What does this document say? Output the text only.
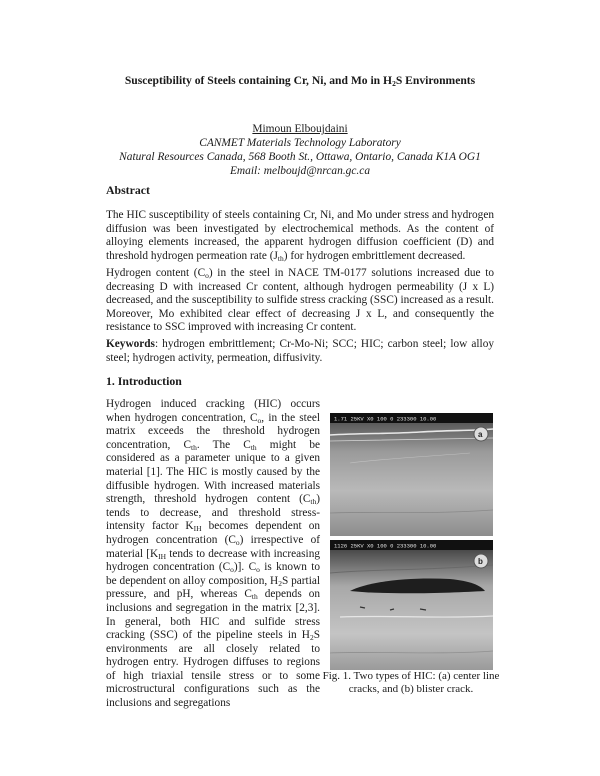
Susceptibility of Steels containing Cr, Ni, and Mo in $H_2S$ Environments
Mimoun Elboujdaini
CANMET Materials Technology Laboratory
Natural Resources Canada, 568 Booth St., Ottawa, Ontario, Canada K1A OG1
Email: melboujd@nrcan.gc.ca
Abstract

The HIC susceptibility of steels containing Cr, Ni, and Mo under stress and hydrogen diffusion was been investigated by electrochemical methods. As the content of alloying elements increased, the apparent hydrogen diffusion coefficient (D) and threshold hydrogen permeation rate $(J_{th})$ for hydrogen embrittlement decreased.

Hydrogen content $(C_o)$ in the steel in NACE TM-0177 solutions increased due to decreasing D with increased Cr content, although hydrogen permeability (J x L) decreased, and the susceptibility to sulfide stress cracking (SSC) increased as a result. Moreover, Mo exhibited clear effect of decreasing J x L, and consequently the resistance to SSC improved with increasing Cr content.

Keywords: hydrogen embrittlement; Cr-Mo-Ni; SCC; HIC; carbon steel; low alloy steel; hydrogen activity, permeation, diffusivity.

1. Introduction

Hydrogen induced cracking (HIC) occurs when hydrogen concentration, $C_o$, in the steel matrix exceeds the threshold hydrogen concentration, $C_{th}$. The $C_{th}$ might be considered as a parameter unique to a given material [1]. The HIC is mostly caused by the diffusible hydrogen. With increased materials strength, threshold hydrogen content $(C_{th})$ tends to decrease, and threshold stress-intensity factor $K_{IH}$ becomes dependent on hydrogen concentration $(C_o)$ irrespective of material [$K_{IH}$ tends to decrease with increasing hydrogen concentration $(C_o)$]. $C_o$ is known to be dependent on alloy composition, $H_2S$ partial pressure, and pH, whereas $C_{th}$ depends on inclusions and segregation in the matrix [2,3]. In general, both HIC and sulfide stress cracking (SSC) of the pipeline steels in $H_2S$ environments are all closely related to hydrogen entry. Hydrogen diffuses to regions of high triaxial tensile stress or to some microstructural configurations such as the inclusions and segregations

1.71 25KV X0 100 0 233300 10.00
a
1126 25KV X0 100 0 233300 10.00
b
Fig. 1. Two types of HIC: (a) center line cracks, and (b) blister crack.
